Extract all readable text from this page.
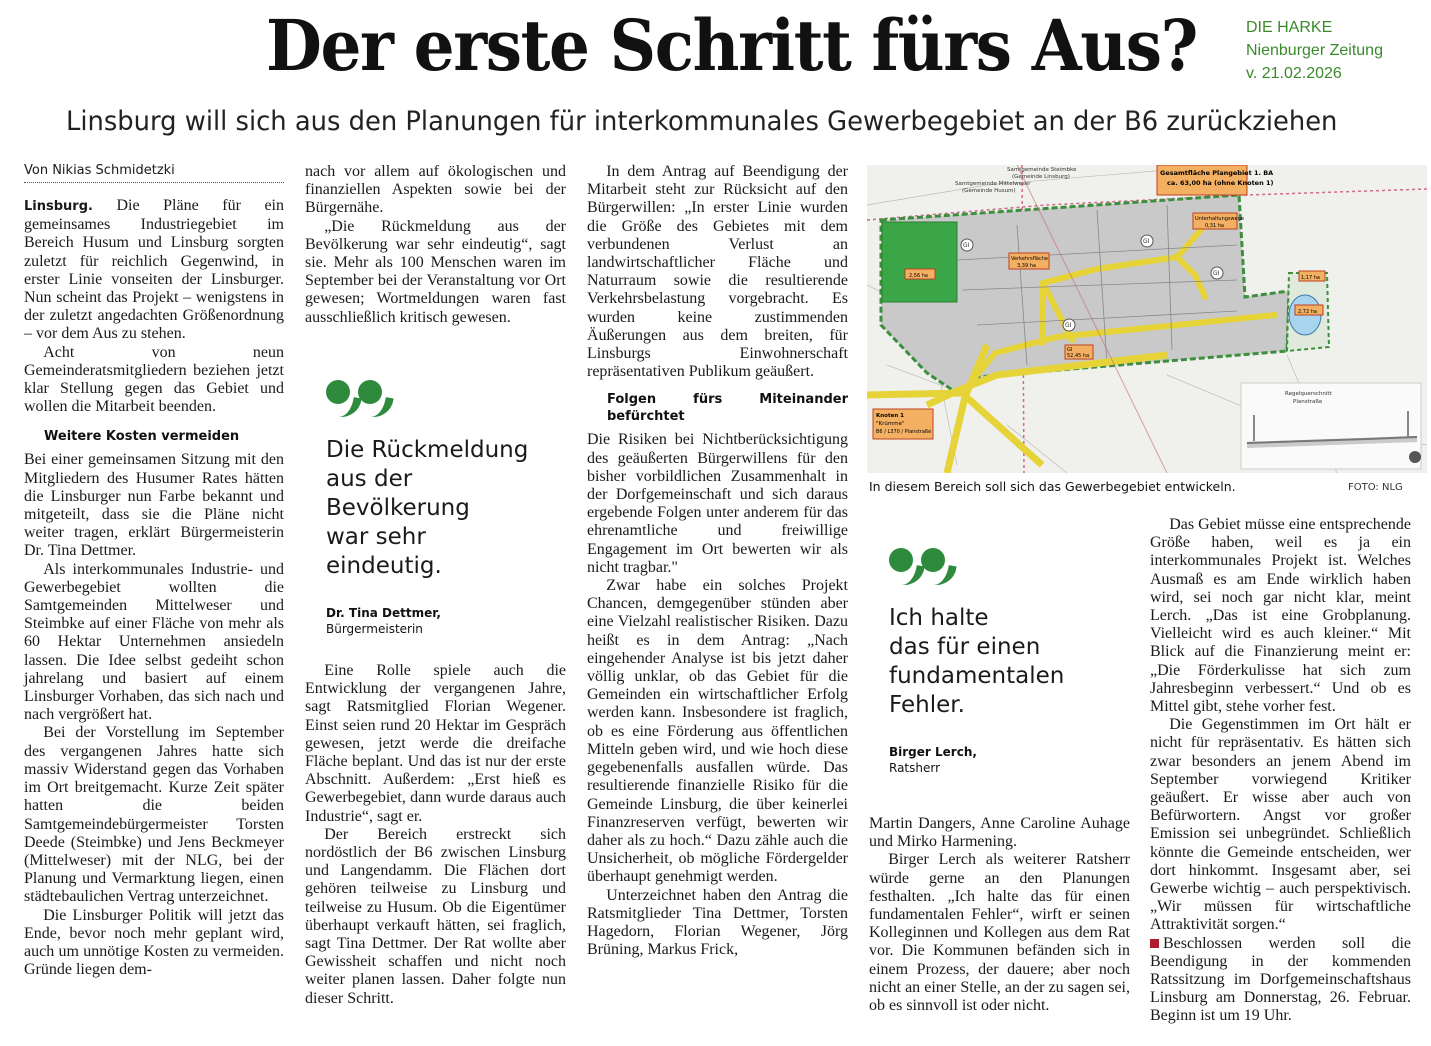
Der erste Schritt fürs Aus?	DIE HARKE
Nienburger Zeitung
v. 21.02.2026
Linsburg will sich aus den Planungen für interkommunales Gewerbegebiet an der B6 zurückziehen
Von Nikias Schmidetzki

Linsburg. Die Pläne für ein gemeinsames Industriegebiet im Bereich Husum und Linsburg sorgten zuletzt für reichlich Gegenwind, in erster Linie vonseiten der Linsburger. Nun scheint das Projekt – wenigstens in der zuletzt angedachten Größenordnung – vor dem Aus zu stehen.

Acht von neun Gemeinderatsmitgliedern beziehen jetzt klar Stellung gegen das Gebiet und wollen die Mitarbeit beenden.

Weitere Kosten vermeiden

Bei einer gemeinsamen Sitzung mit den Mitgliedern des Husumer Rates hätten die Linsburger nun Farbe bekannt und mitgeteilt, dass sie die Pläne nicht weiter tragen, erklärt Bürgermeisterin Dr. Tina Dettmer.

Als interkommunales Industrie- und Gewerbegebiet wollten die Samtgemeinden Mittelweser und Steimbke auf einer Fläche von mehr als 60 Hektar Unternehmen ansiedeln lassen. Die Idee selbst gedeiht schon jahrelang und basiert auf einem Linsburger Vorhaben, das sich nach und nach vergrößert hat.

Bei der Vorstellung im September des vergangenen Jahres hatte sich massiv Widerstand gegen das Vorhaben im Ort breitgemacht. Kurze Zeit später hatten die beiden Samtgemeindebürgermeister Torsten Deede (Steimbke) und Jens Beckmeyer (Mittelweser) mit der NLG, bei der Planung und Vermarktung liegen, einen städtebaulichen Vertrag unterzeichnet.

Die Linsburger Politik will jetzt das Ende, bevor noch mehr geplant wird, auch um unnötige Kosten zu vermeiden. Gründe liegen dem-

nach vor allem auf ökologischen und finanziellen Aspekten sowie bei der Bürgernähe.

„Die Rückmeldung aus der Bevölkerung war sehr eindeutig“, sagt sie. Mehr als 100 Menschen waren im September bei der Veranstaltung vor Ort gewesen; Wortmeldungen waren fast ausschließlich kritisch gewesen.

Die Rückmeldung
aus der
Bevölkerung
war sehr
eindeutig.
Dr. Tina Dettmer,
Bürgermeisterin

Eine Rolle spiele auch die Entwicklung der vergangenen Jahre, sagt Ratsmitglied Florian Wegener. Einst seien rund 20 Hektar im Gespräch gewesen, jetzt werde die dreifache Fläche beplant. Und das ist nur der erste Abschnitt. Außerdem: „Erst hieß es Gewerbegebiet, dann wurde daraus auch Industrie“, sagt er.

Der Bereich erstreckt sich nordöstlich der B6 zwischen Linsburg und Langendamm. Die Flächen dort gehören teilweise zu Linsburg und teilweise zu Husum. Ob die Eigentümer überhaupt verkauft hätten, sei fraglich, sagt Tina Dettmer. Der Rat wollte aber Gewissheit schaffen und nicht noch weiter planen lassen. Daher folgte nun dieser Schritt.

In dem Antrag auf Beendigung der Mitarbeit steht zur Rücksicht auf den Bürgerwillen: „In erster Linie wurden die Größe des Gebietes mit dem verbundenen Verlust an landwirtschaftlicher Fläche und Naturraum sowie die resultierende Verkehrsbelastung vorgebracht. Es wurden keine zustimmenden Äußerungen aus dem breiten, für Linsburgs Einwohnerschaft repräsentativen Publikum geäußert.

Folgen fürs Miteinander befürchtet

Die Risiken bei Nichtberücksichtigung des geäußerten Bürgerwillens für den bisher vorbildlichen Zusammenhalt in der Dorfgemeinschaft und sich daraus ergebende Folgen unter anderem für das ehrenamtliche und freiwillige Engagement im Ort bewerten wir als nicht tragbar."

Zwar habe ein solches Projekt Chancen, demgegenüber stünden aber eine Vielzahl realistischer Risiken. Dazu heißt es in dem Antrag: „Nach eingehender Analyse ist bis jetzt daher völlig unklar, ob das Gebiet für die Gemeinden ein wirtschaftlicher Erfolg werden kann. Insbesondere ist fraglich, ob es eine Förderung aus öffentlichen Mitteln geben wird, und wie hoch diese gegebenenfalls ausfallen würde. Das resultierende finanzielle Risiko für die Gemeinde Linsburg, die über keinerlei Finanzreserven verfügt, bewerten wir daher als zu hoch.“ Dazu zähle auch die Unsicherheit, ob mögliche Fördergelder überhaupt genehmigt werden.

Unterzeichnet haben den Antrag die Ratsmitglieder Tina Dettmer, Torsten Hagedorn, Florian Wegener, Jörg Brüning, Markus Frick,

Gesamtfläche Plangebiet 1. BA
ca. 63,00 ha (ohne Knoten 1)
Unterhaltungswege
0,31 ha
Verkehrsfläche
3,39 ha
GI
52,45 ha
2,56 ha
2,72 ha
1,17 ha
GI
GI
GI
GI
Samtgemeinde Steimbke
(Gemeinde Linsburg)
Samtgemeinde Mittelweser
(Gemeinde Husum)
Knoten 1
"Krümme"
B6 / L370 / Planstraße
Regelquerschnitt
Planstraße
In diesem Bereich soll sich das Gewerbegebiet entwickeln.	FOTO: NLG
Ich halte
das für einen
fundamentalen
Fehler.
Birger Lerch,
Ratsherr

Martin Dangers, Anne Caroline Auhage und Mirko Harmening.

Birger Lerch als weiterer Ratsherr würde gerne an den Planungen festhalten. „Ich halte das für einen fundamentalen Fehler“, wirft er seinen Kolleginnen und Kollegen aus dem Rat vor. Die Kommunen befänden sich in einem Prozess, der dauere; aber noch nicht an einer Stelle, an der zu sagen sei, ob es sinnvoll ist oder nicht.

Das Gebiet müsse eine entsprechende Größe haben, weil es ja ein interkommunales Projekt ist. Welches Ausmaß es am Ende wirklich haben wird, sei noch gar nicht klar, meint Lerch. „Das ist eine Grobplanung. Vielleicht wird es auch kleiner.“ Mit Blick auf die Finanzierung meint er: „Die Förderkulisse hat sich zum Jahresbeginn verbessert.“ Und ob es Mittel gibt, stehe vorher fest.

Die Gegenstimmen im Ort hält er nicht für repräsentativ. Es hätten sich zwar besonders an jenem Abend im September vorwiegend Kritiker geäußert. Er wisse aber auch von Befürwortern. Angst vor großer Emission sei unbegründet. Schließlich könnte die Gemeinde entscheiden, wer dort hinkommt. Insgesamt aber, sei Gewerbe wichtig – auch perspektivisch. „Wir müssen für wirtschaftliche Attraktivität sorgen.“

Beschlossen werden soll die Beendigung in der kommenden Ratssitzung im Dorfgemeinschaftshaus Linsburg am Donnerstag, 26. Februar. Beginn ist um 19 Uhr.
